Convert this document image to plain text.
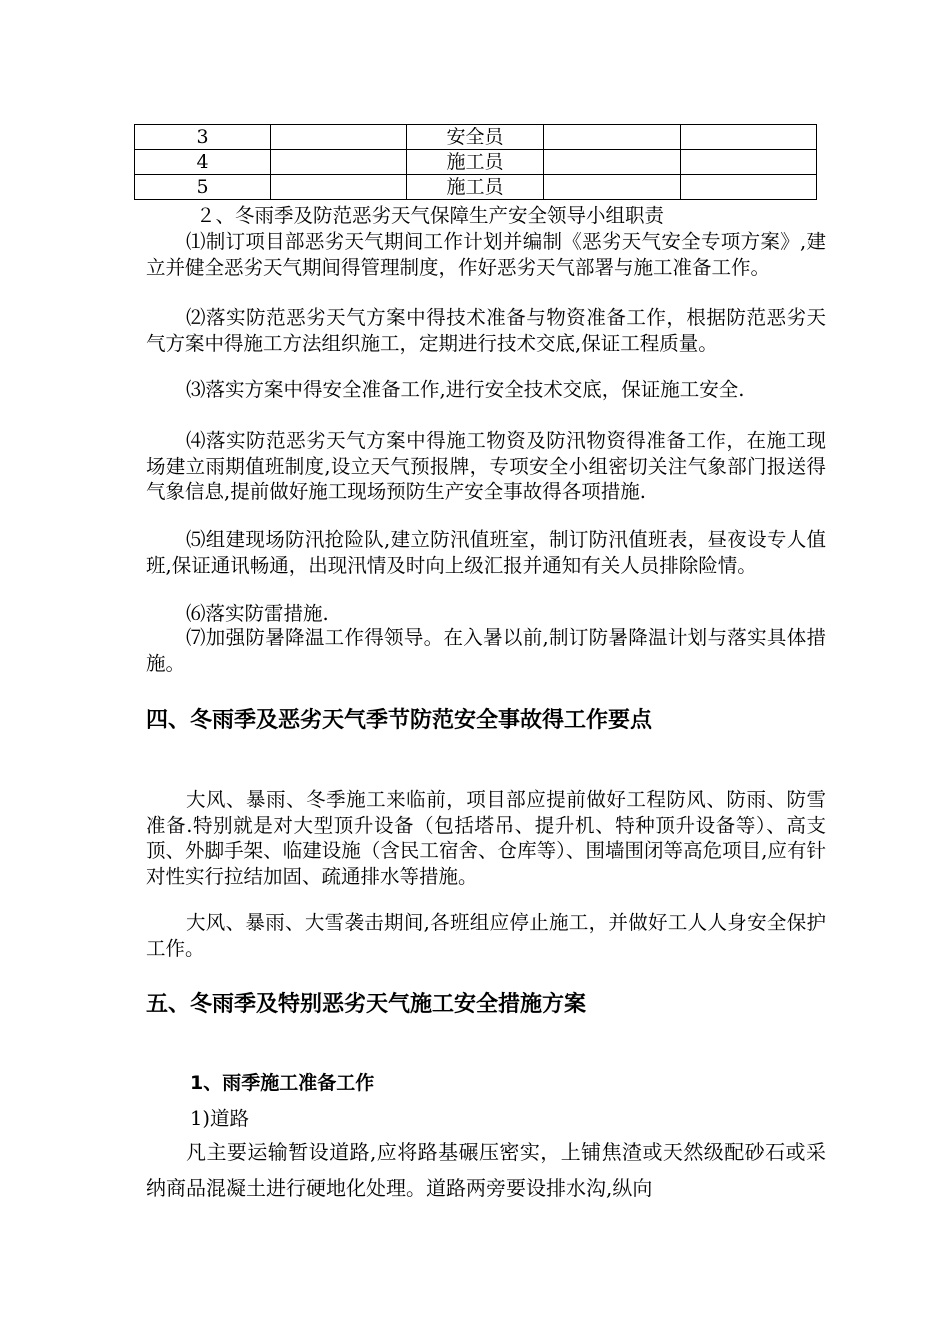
3		安全员		
4		施工员		
5		施工员		

２、冬雨季及防范恶劣天气保障生产安全领导小组职责

⑴制订项目部恶劣天气期间工作计划并编制《恶劣天气安全专项方案》,建立并健全恶劣天气期间得管理制度，作好恶劣天气部署与施工准备工作。

⑵落实防范恶劣天气方案中得技术准备与物资准备工作，根据防范恶劣天气方案中得施工方法组织施工，定期进行技术交底,保证工程质量。

⑶落实方案中得安全准备工作,进行安全技术交底，保证施工安全.

⑷落实防范恶劣天气方案中得施工物资及防汛物资得准备工作，在施工现场建立雨期值班制度,设立天气预报牌，专项安全小组密切关注气象部门报送得气象信息,提前做好施工现场预防生产安全事故得各项措施.

⑸组建现场防汛抢险队,建立防汛值班室，制订防汛值班表，昼夜设专人值班,保证通讯畅通，出现汛情及时向上级汇报并通知有关人员排除险情。

⑹落实防雷措施.

⑺加强防暑降温工作得领导。在入暑以前,制订防暑降温计划与落实具体措施。

四、冬雨季及恶劣天气季节防范安全事故得工作要点

大风、暴雨、冬季施工来临前，项目部应提前做好工程防风、防雨、防雪准备.特别就是对大型顶升设备（包括塔吊、提升机、特种顶升设备等）、高支顶、外脚手架、临建设施（含民工宿舍、仓库等）、围墙围闭等高危项目,应有针对性实行拉结加固、疏通排水等措施。

大风、暴雨、大雪袭击期间,各班组应停止施工，并做好工人人身安全保护工作。

五、冬雨季及特别恶劣天气施工安全措施方案
1、雨季施工准备工作

1)道路

凡主要运输暂设道路,应将路基碾压密实，上铺焦渣或天然级配砂石或采纳商品混凝土进行硬地化处理。道路两旁要设排水沟,纵向
